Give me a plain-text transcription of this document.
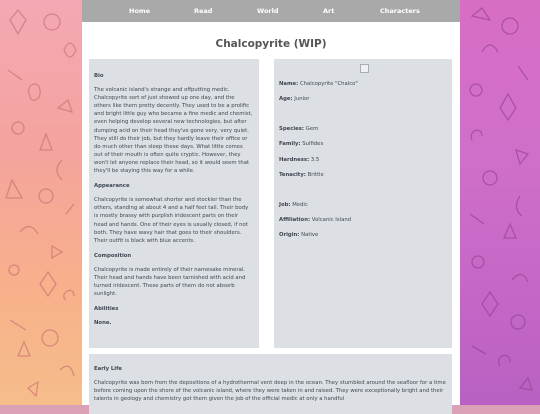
Home	Read	World	Art	Characters
Chalcopyrite (WIP)
Bio
The volcanic island's strange and offputting medic. Chalcopyrite sort of just showed up one day, and the others like them pretty decently. They used to be a prolific and bright little guy who became a fine medic and chemist, even helping develop several new technologies, but after dumping acid on their head they've gone very, very quiet. They still do their job, but they hardly leave their office or do much other than sleep these days. What little comes out of their mouth is often quite cryptic. However, they won't let anyone replace their head, so it would seem that they'll be staying this way for a while.
Appearance
Chalcopyrite is somewhat shorter and stockier than the others, standing at about 4 and a half feet tall. Their body is mostly brassy with purplish iridescent parts on their head and hands. One of their eyes is usually closed, if not both. They have wavy hair that goes to their shoulders. Their outfit is black with blue accents.
Composition
Chalcopyrite is made entirely of their namesake mineral. Their head and hands have been tarnished with acid and turned iridescent. These parts of them do not absorb sunlight.
Abilities
None.
Name: Chalcopyrite "Chalco"
Age: Junior
Species: Gem
Family: Sulfides
Hardness: 3.5
Tenacity: Brittle
Job: Medic
Affiliation: Volcanic Island
Origin: Native
Early Life
Chalcopyrite was born from the depositions of a hydrothermal vent deep in the ocean. They stumbled around the seafloor for a time before coming upon the shore of the volcanic island, where they were taken in and raised. They were exceptionally bright and their talents in geology and chemistry got them given the job of the official medic at only a handful
